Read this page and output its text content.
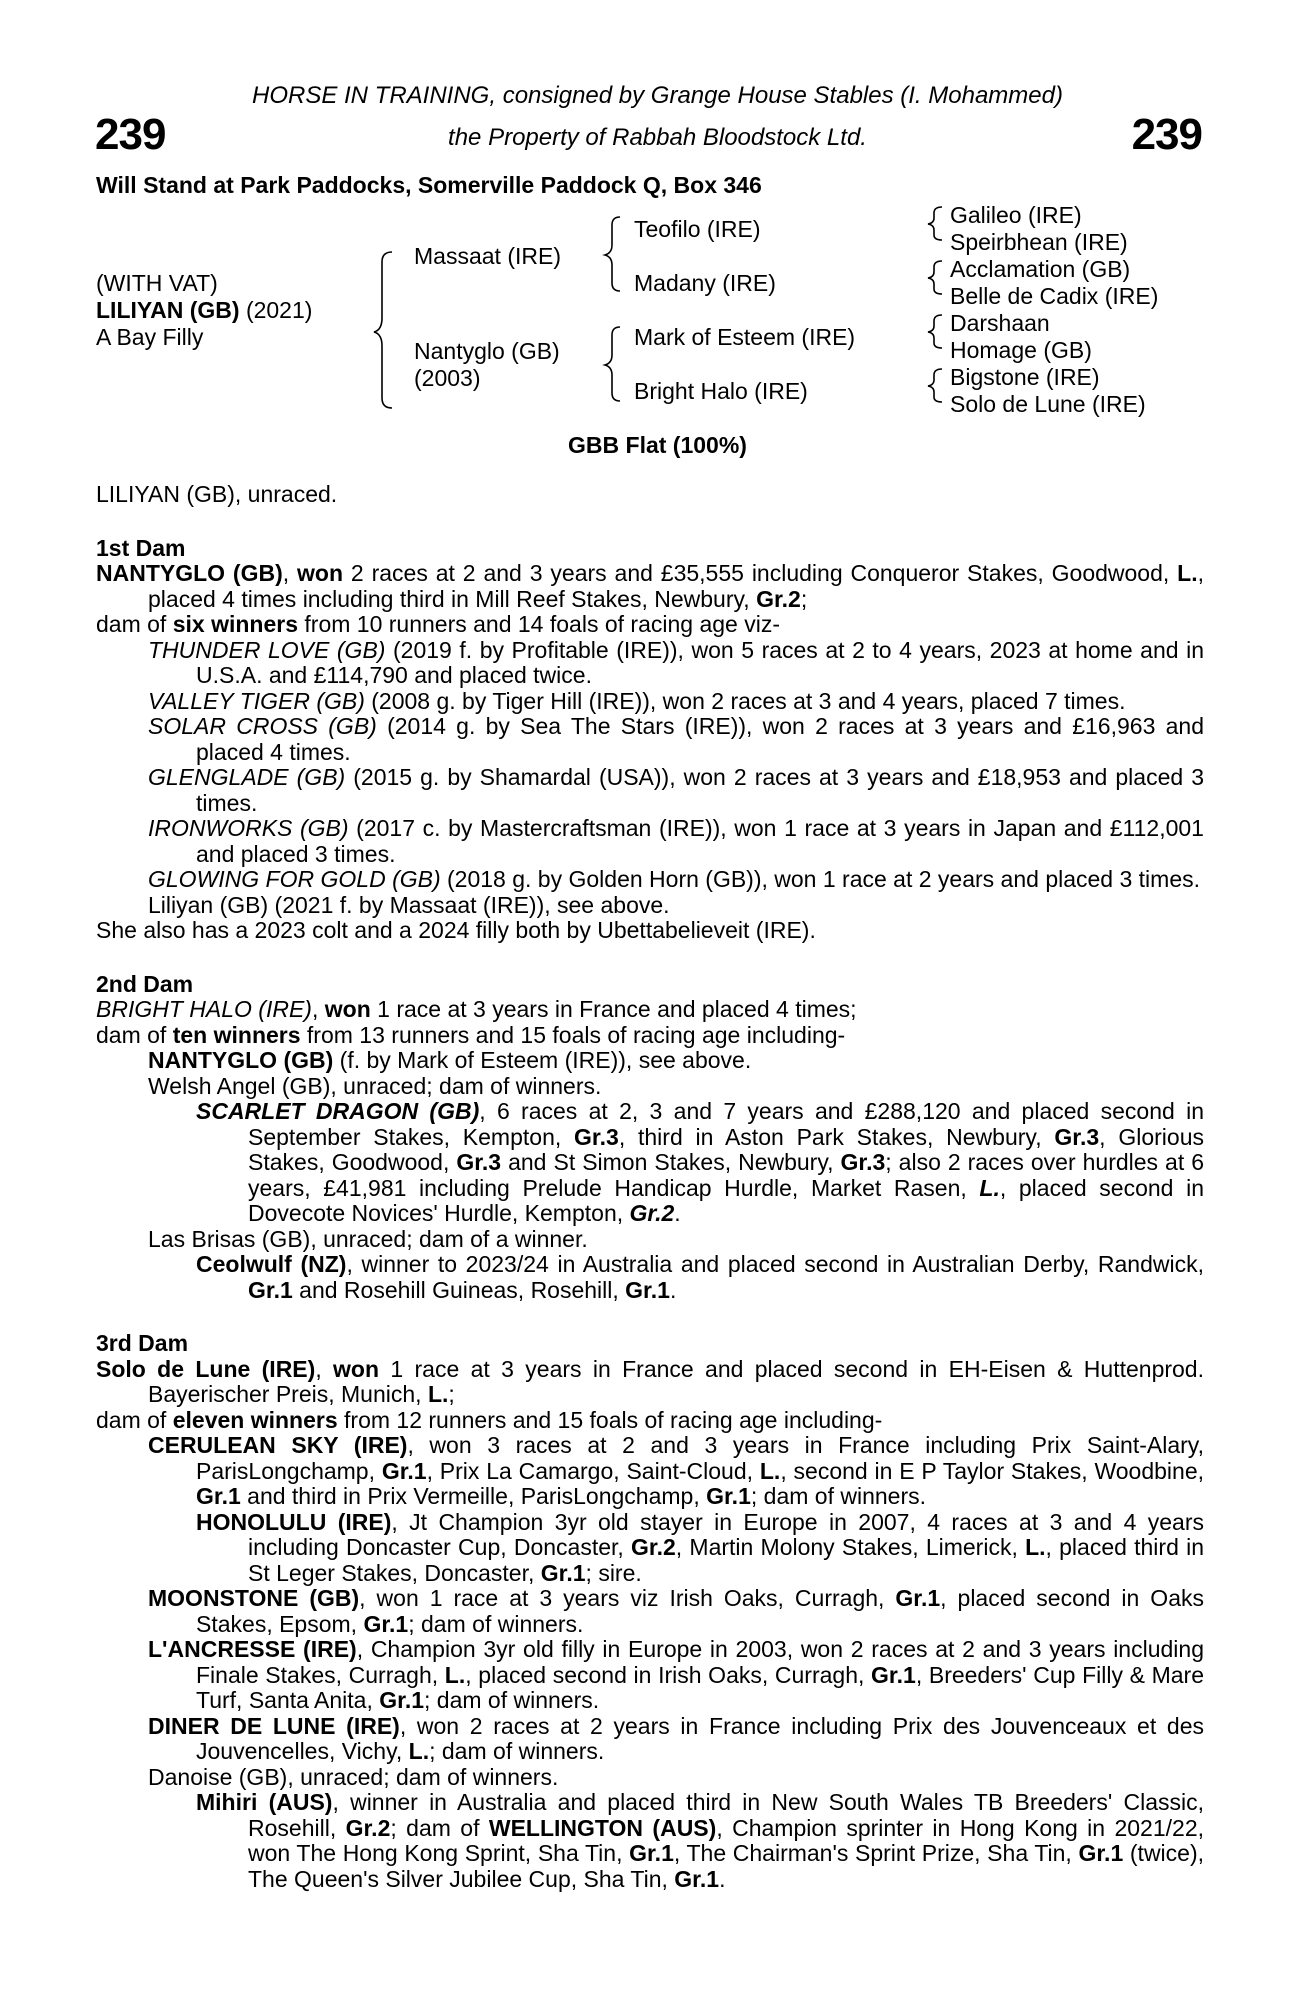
HORSE IN TRAINING, consigned by Grange House Stables (I. Mohammed)
239	the Property of Rabbah Bloodstock Ltd.	239
Will Stand at Park Paddocks, Somerville Paddock Q, Box 346
(WITH VAT)
LILIYAN (GB) (2021)
A Bay Filly
Massaat (IRE)
Nantyglo (GB)
(2003)
Teofilo (IRE)
Madany (IRE)
Mark of Esteem (IRE)
Bright Halo (IRE)
Galileo (IRE)
Speirbhean (IRE)
Acclamation (GB)
Belle de Cadix (IRE)
Darshaan
Homage (GB)
Bigstone (IRE)
Solo de Lune (IRE)
GBB Flat (100%)

LILIYAN (GB), unraced.

1st Dam

NANTYGLO (GB), won 2 races at 2 and 3 years and £35,555 including Conqueror Stakes, Goodwood, L., placed 4 times including third in Mill Reef Stakes, Newbury, Gr.2;

dam of six winners from 10 runners and 14 foals of racing age viz-

THUNDER LOVE (GB) (2019 f. by Profitable (IRE)), won 5 races at 2 to 4 years, 2023 at home and in U.S.A. and £114,790 and placed twice.

VALLEY TIGER (GB) (2008 g. by Tiger Hill (IRE)), won 2 races at 3 and 4 years, placed 7 times.

SOLAR CROSS (GB) (2014 g. by Sea The Stars (IRE)), won 2 races at 3 years and £16,963 and placed 4 times.

GLENGLADE (GB) (2015 g. by Shamardal (USA)), won 2 races at 3 years and £18,953 and placed 3 times.

IRONWORKS (GB) (2017 c. by Mastercraftsman (IRE)), won 1 race at 3 years in Japan and £112,001 and placed 3 times.

GLOWING FOR GOLD (GB) (2018 g. by Golden Horn (GB)), won 1 race at 2 years and placed 3 times.

Liliyan (GB) (2021 f. by Massaat (IRE)), see above.

She also has a 2023 colt and a 2024 filly both by Ubettabelieveit (IRE).

2nd Dam

BRIGHT HALO (IRE), won 1 race at 3 years in France and placed 4 times;

dam of ten winners from 13 runners and 15 foals of racing age including-

NANTYGLO (GB) (f. by Mark of Esteem (IRE)), see above.

Welsh Angel (GB), unraced; dam of winners.

SCARLET DRAGON (GB), 6 races at 2, 3 and 7 years and £288,120 and placed second in September Stakes, Kempton, Gr.3, third in Aston Park Stakes, Newbury, Gr.3, Glorious Stakes, Goodwood, Gr.3 and St Simon Stakes, Newbury, Gr.3; also 2 races over hurdles at 6 years, £41,981 including Prelude Handicap Hurdle, Market Rasen, L., placed second in Dovecote Novices' Hurdle, Kempton, Gr.2.

Las Brisas (GB), unraced; dam of a winner.

Ceolwulf (NZ), winner to 2023/24 in Australia and placed second in Australian Derby, Randwick, Gr.1 and Rosehill Guineas, Rosehill, Gr.1.

3rd Dam

Solo de Lune (IRE), won 1 race at 3 years in France and placed second in EH-Eisen & Huttenprod. Bayerischer Preis, Munich, L.;

dam of eleven winners from 12 runners and 15 foals of racing age including-

CERULEAN SKY (IRE), won 3 races at 2 and 3 years in France including Prix Saint-Alary, ParisLongchamp, Gr.1, Prix La Camargo, Saint-Cloud, L., second in E P Taylor Stakes, Woodbine, Gr.1 and third in Prix Vermeille, ParisLongchamp, Gr.1; dam of winners.

HONOLULU (IRE), Jt Champion 3yr old stayer in Europe in 2007, 4 races at 3 and 4 years including Doncaster Cup, Doncaster, Gr.2, Martin Molony Stakes, Limerick, L., placed third in St Leger Stakes, Doncaster, Gr.1; sire.

MOONSTONE (GB), won 1 race at 3 years viz Irish Oaks, Curragh, Gr.1, placed second in Oaks Stakes, Epsom, Gr.1; dam of winners.

L'ANCRESSE (IRE), Champion 3yr old filly in Europe in 2003, won 2 races at 2 and 3 years including Finale Stakes, Curragh, L., placed second in Irish Oaks, Curragh, Gr.1, Breeders' Cup Filly & Mare Turf, Santa Anita, Gr.1; dam of winners.

DINER DE LUNE (IRE), won 2 races at 2 years in France including Prix des Jouvenceaux et des Jouvencelles, Vichy, L.; dam of winners.

Danoise (GB), unraced; dam of winners.

Mihiri (AUS), winner in Australia and placed third in New South Wales TB Breeders' Classic, Rosehill, Gr.2; dam of WELLINGTON (AUS), Champion sprinter in Hong Kong in 2021/22, won The Hong Kong Sprint, Sha Tin, Gr.1, The Chairman's Sprint Prize, Sha Tin, Gr.1 (twice), The Queen's Silver Jubilee Cup, Sha Tin, Gr.1.
